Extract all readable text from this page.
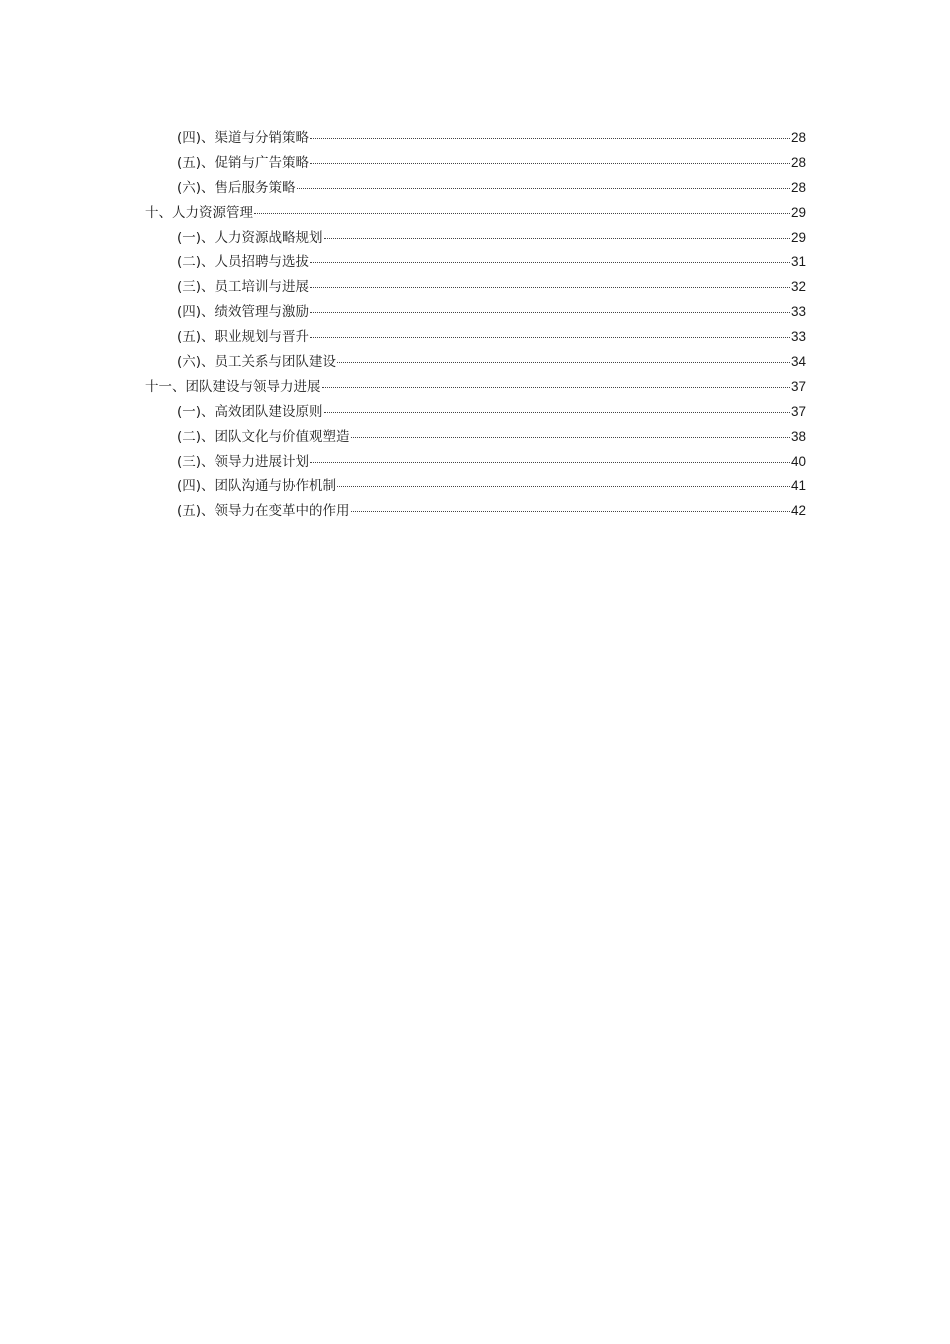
(四)、渠道与分销策略	28
(五)、促销与广告策略	28
(六)、售后服务策略	28
十、人力资源管理	29
(一)、人力资源战略规划	29
(二)、人员招聘与选拔	31
(三)、员工培训与进展	32
(四)、绩效管理与激励	33
(五)、职业规划与晋升	33
(六)、员工关系与团队建设	34
十一、团队建设与领导力进展	37
(一)、高效团队建设原则	37
(二)、团队文化与价值观塑造	38
(三)、领导力进展计划	40
(四)、团队沟通与协作机制	41
(五)、领导力在变革中的作用	42
